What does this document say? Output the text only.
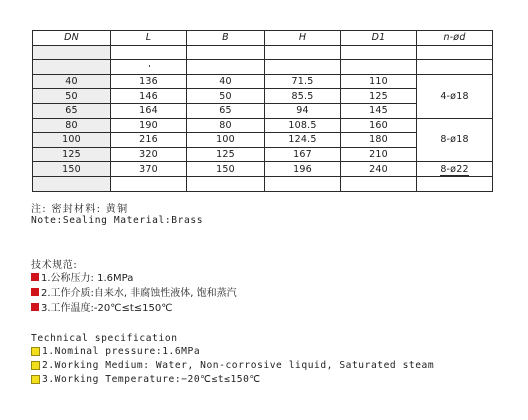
DN	L	B	H	D1	n-ød

40	136	40	71.5	110	4-ø18
50	146	50	85.5	125	
65	164	65	94	145	
80	190	80	108.5	160	8-ø18
100	216	100	124.5	180	
125	320	125	167	210	
150	370	150	196	240	8-ø22

注: 密封材料: 黄铜
Note:Sealing Material:Brass
技术规范:
1.公称压力: 1.6MPa
2.工作介质:自来水, 非腐蚀性液体, 饱和蒸汽
3.工作温度:-20℃≤t≤150℃
Technical specification
1.Nominal pressure:1.6MPa
2.Working Medium: Water, Non-corrosive liquid, Saturated steam
3.Working Temperature:−20℃≤t≤150℃
